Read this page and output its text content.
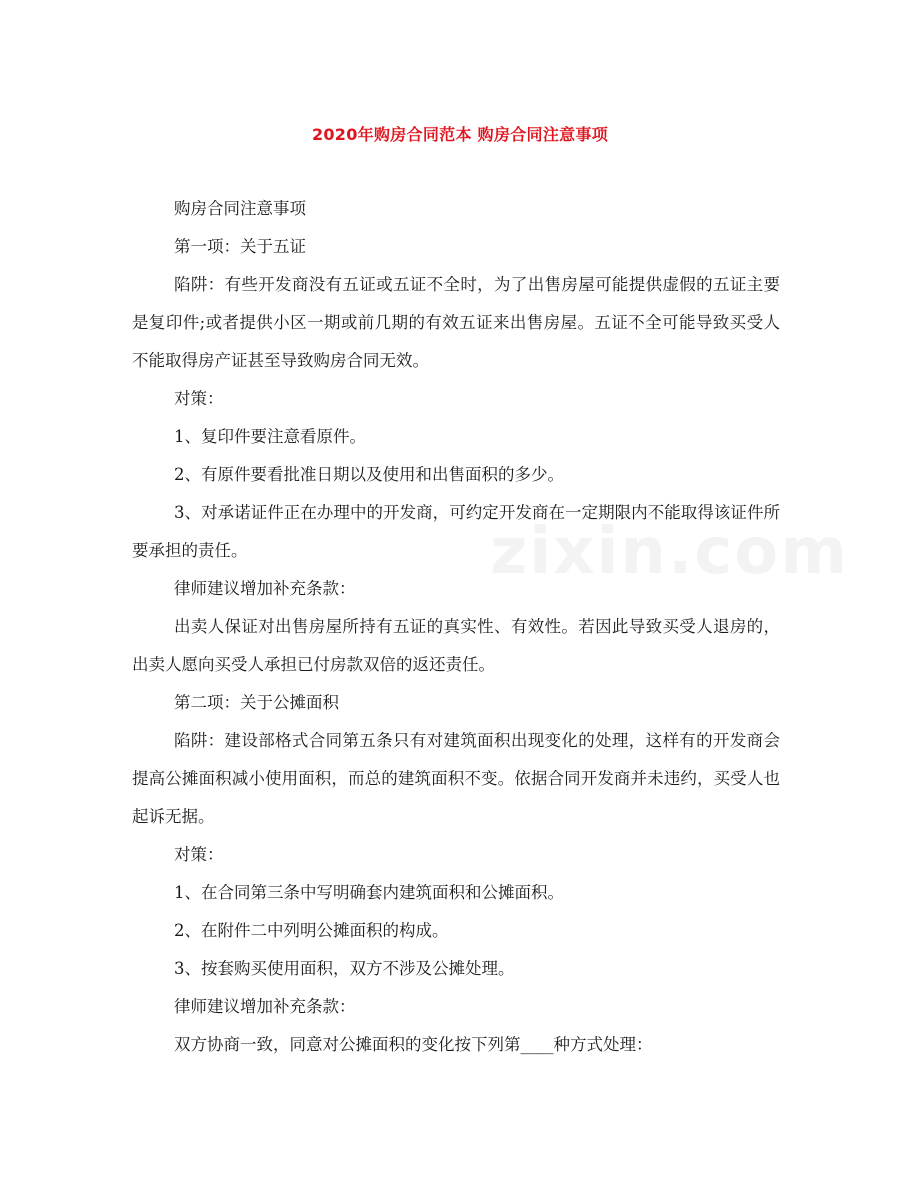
zixin.com
2020年购房合同范本 购房合同注意事项

购房合同注意事项

第一项：关于五证

陷阱：有些开发商没有五证或五证不全时，为了出售房屋可能提供虚假的五证主要是复印件;或者提供小区一期或前几期的有效五证来出售房屋。五证不全可能导致买受人不能取得房产证甚至导致购房合同无效。

对策：

1、复印件要注意看原件。

2、有原件要看批准日期以及使用和出售面积的多少。

3、对承诺证件正在办理中的开发商，可约定开发商在一定期限内不能取得该证件所要承担的责任。

律师建议增加补充条款：

出卖人保证对出售房屋所持有五证的真实性、有效性。若因此导致买受人退房的，出卖人愿向买受人承担已付房款双倍的返还责任。

第二项：关于公摊面积

陷阱：建设部格式合同第五条只有对建筑面积出现变化的处理，这样有的开发商会提高公摊面积减小使用面积，而总的建筑面积不变。依据合同开发商并未违约，买受人也起诉无据。

对策：

1、在合同第三条中写明确套内建筑面积和公摊面积。

2、在附件二中列明公摊面积的构成。

3、按套购买使用面积，双方不涉及公摊处理。

律师建议增加补充条款：

双方协商一致，同意对公摊面积的变化按下列第____种方式处理：
